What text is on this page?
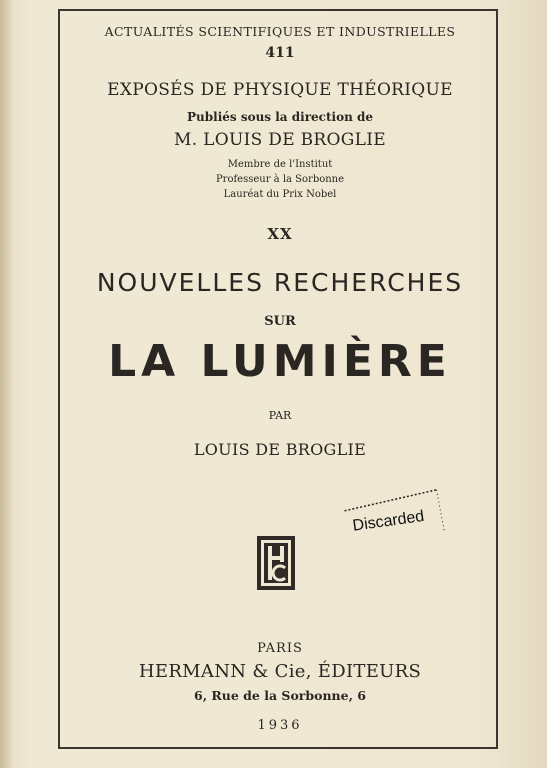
ACTUALITÉS SCIENTIFIQUES ET INDUSTRIELLES
411
EXPOSÉS DE PHYSIQUE THÉORIQUE
Publiés sous la direction de
M. LOUIS DE BROGLIE
Membre de l'Institut
Professeur à la Sorbonne
Lauréat du Prix Nobel
XX
NOUVELLES RECHERCHES
SUR
LA LUMIÈRE
PAR
LOUIS DE BROGLIE
Discarded
PARIS
HERMANN & Cie, ÉDITEURS
6, Rue de la Sorbonne, 6
1936
